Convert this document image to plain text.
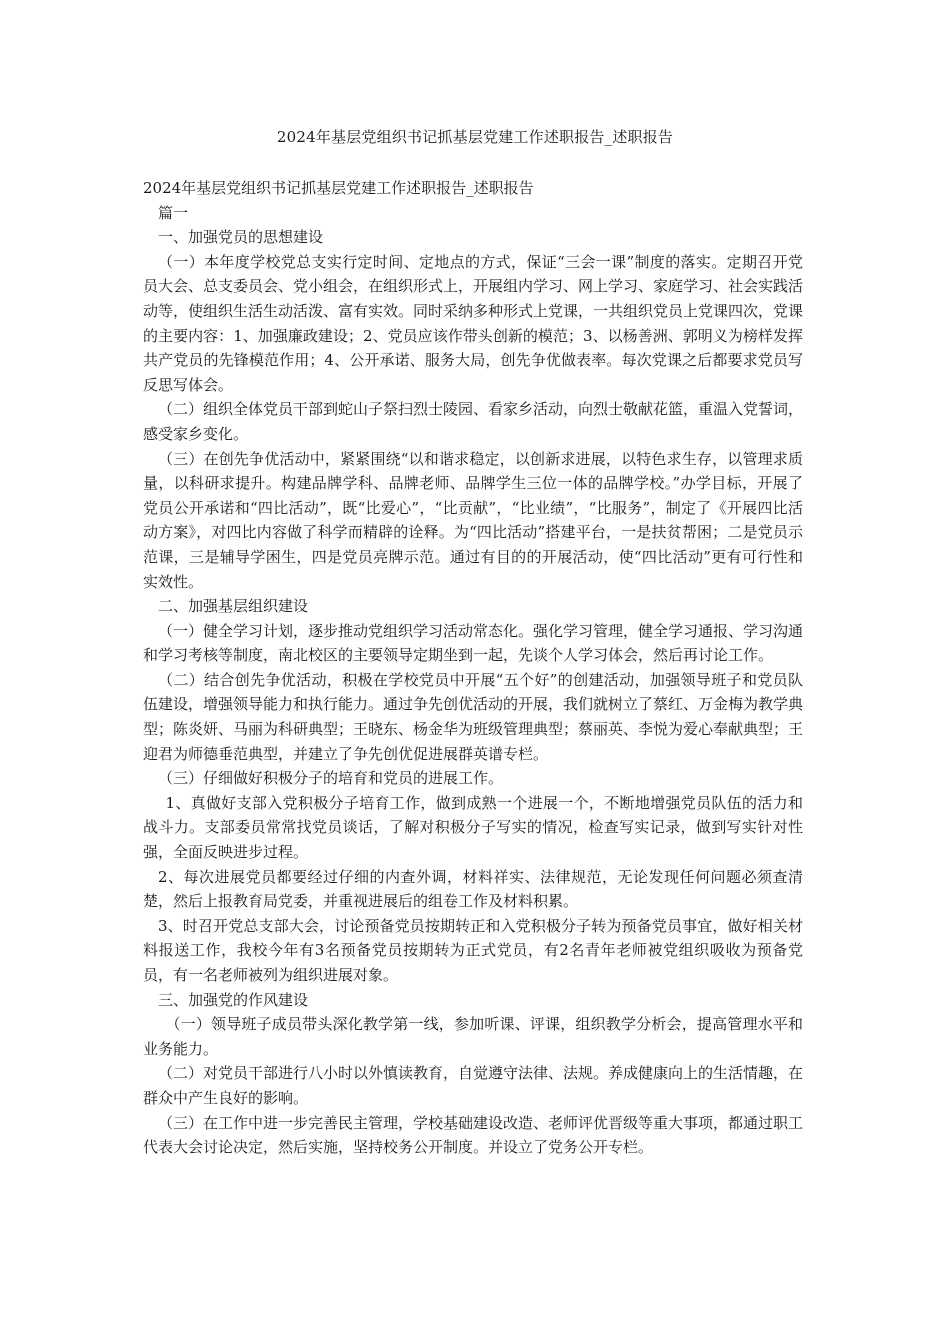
2024年基层党组织书记抓基层党建工作述职报告_述职报告

2024年基层党组织书记抓基层党建工作述职报告_述职报告

篇一

一、加强党员的思想建设

（一）本年度学校党总支实行定时间、定地点的方式，保证“三会一课”制度的落实。定期召开党员大会、总支委员会、党小组会，在组织形式上，开展组内学习、网上学习、家庭学习、社会实践活动等，使组织生活生动活泼、富有实效。同时采纳多种形式上党课，一共组织党员上党课四次，党课的主要内容：1、加强廉政建设；2、党员应该作带头创新的模范；3、以杨善洲、郭明义为榜样发挥共产党员的先锋模范作用；4、公开承诺、服务大局，创先争优做表率。每次党课之后都要求党员写反思写体会。

（二）组织全体党员干部到蛇山子祭扫烈士陵园、看家乡活动，向烈士敬献花篮，重温入党誓词，感受家乡变化。

（三）在创先争优活动中，紧紧围绕“以和谐求稳定，以创新求进展，以特色求生存，以管理求质量，以科研求提升。构建品牌学科、品牌老师、品牌学生三位一体的品牌学校。”办学目标，开展了党员公开承诺和“四比活动”，既“比爱心”，“比贡献”，“比业绩”，“比服务”，制定了《开展四比活动方案》，对四比内容做了科学而精辟的诠释。为“四比活动”搭建平台，一是扶贫帮困；二是党员示范课，三是辅导学困生，四是党员亮牌示范。通过有目的的开展活动，使“四比活动”更有可行性和实效性。

二、加强基层组织建设

（一）健全学习计划，逐步推动党组织学习活动常态化。强化学习管理，健全学习通报、学习沟通和学习考核等制度，南北校区的主要领导定期坐到一起，先谈个人学习体会，然后再讨论工作。

（二）结合创先争优活动，积极在学校党员中开展“五个好”的创建活动，加强领导班子和党员队伍建设，增强领导能力和执行能力。通过争先创优活动的开展，我们就树立了蔡红、万金梅为教学典型；陈炎妍、马丽为科研典型；王晓东、杨金华为班级管理典型；蔡丽英、李悦为爱心奉献典型；王迎君为师德垂范典型，并建立了争先创优促进展群英谱专栏。

（三）仔细做好积极分子的培育和党员的进展工作。

1、真做好支部入党积极分子培育工作，做到成熟一个进展一个，不断地增强党员队伍的活力和战斗力。支部委员常常找党员谈话，了解对积极分子写实的情况，检查写实记录，做到写实针对性强，全面反映进步过程。

2、每次进展党员都要经过仔细的内查外调，材料祥实、法律规范，无论发现任何问题必须查清楚，然后上报教育局党委，并重视进展后的组卷工作及材料积累。

3、时召开党总支部大会，讨论预备党员按期转正和入党积极分子转为预备党员事宜，做好相关材料报送工作，我校今年有3名预备党员按期转为正式党员，有2名青年老师被党组织吸收为预备党员，有一名老师被列为组织进展对象。

三、加强党的作风建设

（一）领导班子成员带头深化教学第一线，参加听课、评课，组织教学分析会，提高管理水平和业务能力。

（二）对党员干部进行八小时以外慎读教育，自觉遵守法律、法规。养成健康向上的生活情趣，在群众中产生良好的影响。

（三）在工作中进一步完善民主管理，学校基础建设改造、老师评优晋级等重大事项，都通过职工代表大会讨论决定，然后实施，坚持校务公开制度。并设立了党务公开专栏。
